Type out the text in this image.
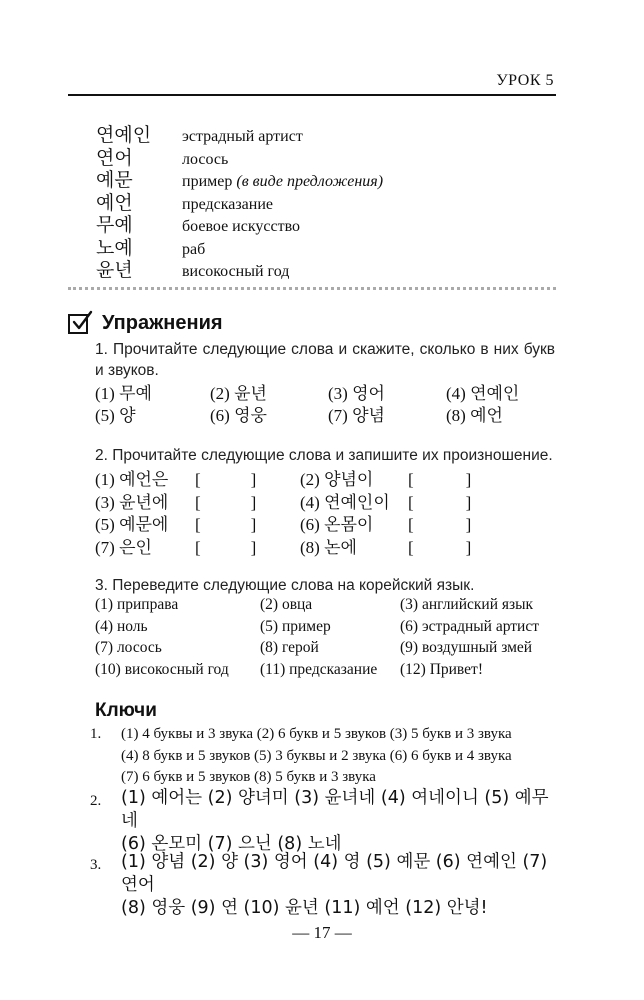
УРОК 5
연예인	эстрадный артист
연어	лосось
예문	пример (в виде предложения)
예언	предсказание
무예	боевое искусство
노예	раб
윤년	високосный год
Упражнения
1. Прочитайте следующие слова и скажите, сколько в них букв и звуков.
(1) 무예	(2) 윤년	(3) 영어	(4) 연예인
(5) 양	(6) 영웅	(7) 양념	(8) 예언
2. Прочитайте следующие слова и запишите их произношение.
(1) 예언은	[	]	(2) 양념이	[	]
(3) 윤년에	[	]	(4) 연예인이	[	]
(5) 예문에	[	]	(6) 온몸이	[	]
(7) 은인	[	]	(8) 논에	[	]
3. Переведите следующие слова на корейский язык.
(1) приправа	(2) овца	(3) английский язык
(4) ноль	(5) пример	(6) эстрадный артист
(7) лосось	(8) герой	(9) воздушный змей
(10) високосный год	(11) предсказание	(12) Привет!
Ключи
1. (1) 4 буквы и 3 звука (2) 6 букв и 5 звуков (3) 5 букв и 3 звука
(4) 8 букв и 5 звуков (5) 3 буквы и 2 звука (6) 6 букв и 4 звука
(7) 6 букв и 5 звуков (8) 5 букв и 3 звука
2. (1) 예어는 (2) 양녀미 (3) 윤녀네 (4) 여네이니 (5) 예무네
(6) 온모미 (7) 으닌 (8) 노네
3. (1) 양념 (2) 양 (3) 영어 (4) 영 (5) 예문 (6) 연예인 (7) 연어
(8) 영웅 (9) 연 (10) 윤년 (11) 예언 (12) 안녕!
— 17 —
